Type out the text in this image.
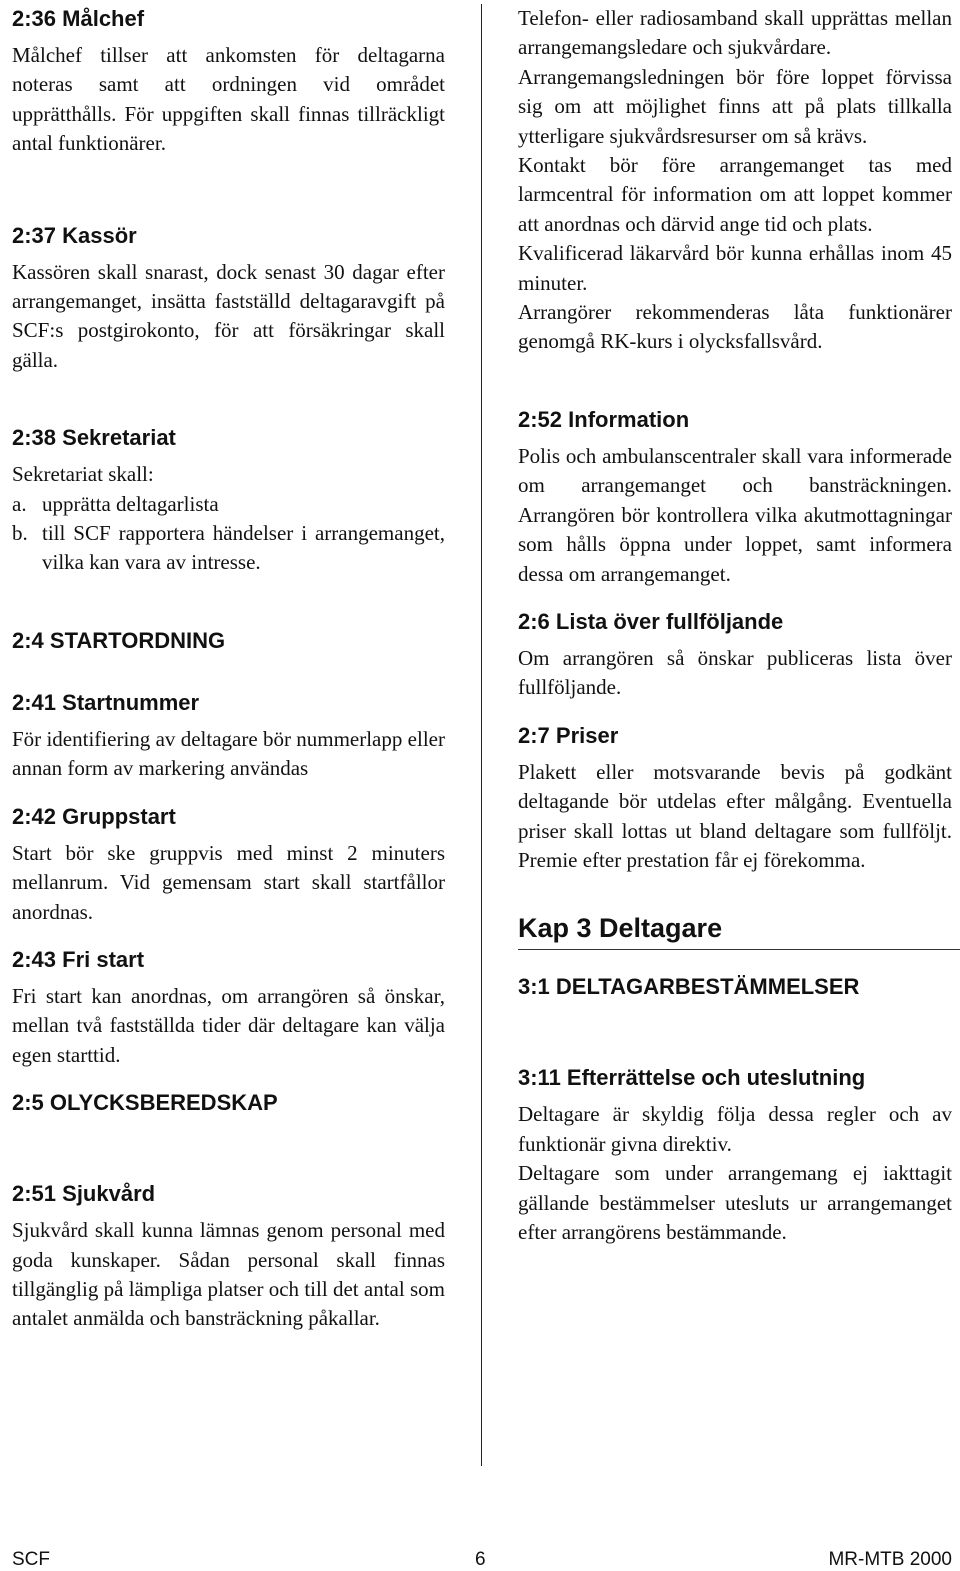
2:36 Målchef

Målchef tillser att ankomsten för deltagarna noteras samt att ordningen vid området upprätthålls. För uppgiften skall finnas tillräckligt antal funktionärer.

2:37 Kassör

Kassören skall snarast, dock senast 30 dagar efter arrangemanget, insätta fastställd deltagaravgift på SCF:s postgirokonto, för att försäkringar skall gälla.

2:38 Sekretariat

Sekretariat skall:

a. upprätta deltagarlista
b. till SCF rapportera händelser i arrangemanget, vilka kan vara av intresse.
2:4 STARTORDNING
2:41 Startnummer

För identifiering av deltagare bör nummerlapp eller annan form av markering användas

2:42 Gruppstart

Start bör ske gruppvis med minst 2 minuters mellanrum. Vid gemensam start skall startfållor anordnas.

2:43 Fri start

Fri start kan anordnas, om arrangören så önskar, mellan två fastställda tider där deltagare kan välja egen starttid.

2:5 OLYCKSBEREDSKAP
2:51 Sjukvård

Sjukvård skall kunna lämnas genom personal med goda kunskaper. Sådan personal skall finnas tillgänglig på lämpliga platser och till det antal som antalet anmälda och bansträckning påkallar.

Telefon- eller radiosamband skall upprättas mellan arrangemangsledare och sjukvårdare.

Arrangemangsledningen bör före loppet förvissa sig om att möjlighet finns att på plats tillkalla ytterligare sjukvårdsresurser om så krävs.

Kontakt bör före arrangemanget tas med larmcentral för information om att loppet kommer att anordnas och därvid ange tid och plats.

Kvalificerad läkarvård bör kunna erhållas inom 45 minuter.

Arrangörer rekommenderas låta funktionärer genomgå RK-kurs i olycksfallsvård.

2:52 Information

Polis och ambulanscentraler skall vara informerade om arrangemanget och bansträckningen. Arrangören bör kontrollera vilka akutmottagningar som hålls öppna under loppet, samt informera dessa om arrangemanget.

2:6 Lista över fullföljande

Om arrangören så önskar publiceras lista över fullföljande.

2:7 Priser

Plakett eller motsvarande bevis på godkänt deltagande bör utdelas efter målgång. Eventuella priser skall lottas ut bland deltagare som fullföljt. Premie efter prestation får ej förekomma.

Kap 3 Deltagare
3:1 DELTAGARBESTÄMMELSER
3:11 Efterrättelse och uteslutning

Deltagare är skyldig följa dessa regler och av funktionär givna direktiv.

Deltagare som under arrangemang ej iakttagit gällande bestämmelser utesluts ur arrangemanget efter arrangörens bestämmande.

SCF	6	MR-MTB 2000
